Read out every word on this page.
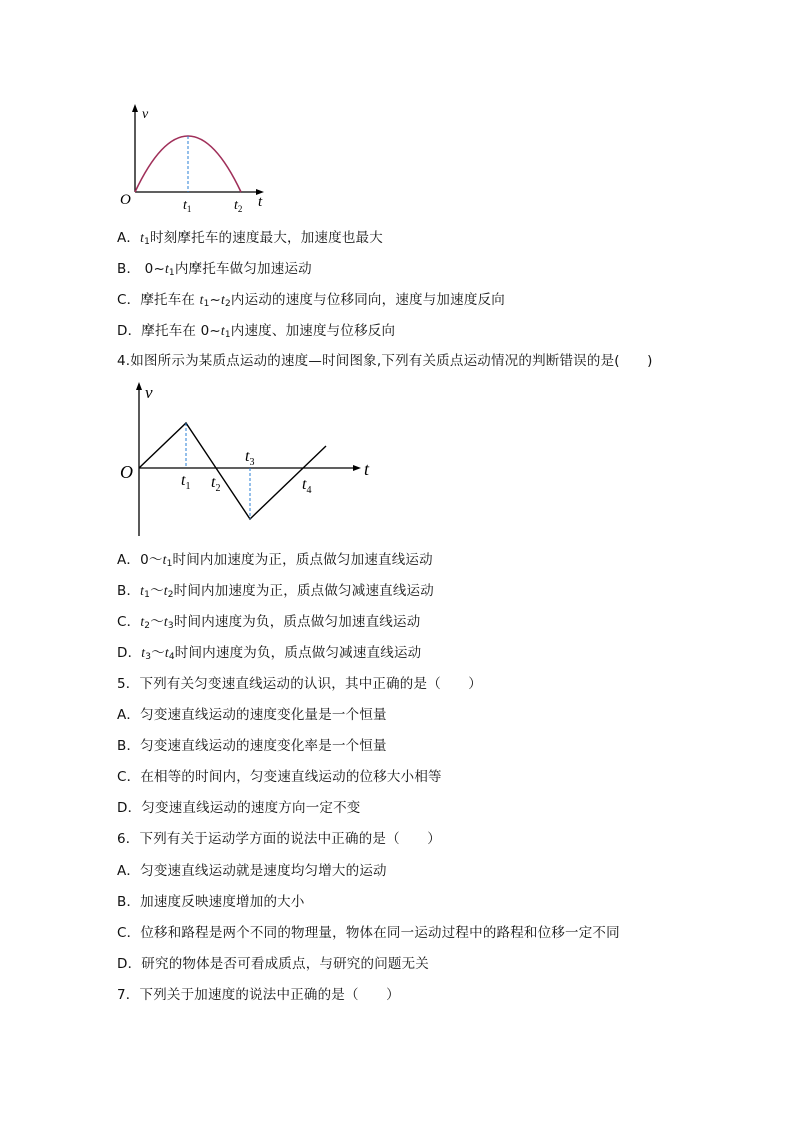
v
O	t
$t_1$	$t_2$
A．$t_1$时刻摩托车的速度最大，加速度也最大
B． $0\sim t_1$内摩托车做匀加速运动
C．摩托车在 $t_1\sim t_2$内运动的速度与位移同向，速度与加速度反向
D．摩托车在 $0\sim t_1$内速度、加速度与位移反向
4.如图所示为某质点运动的速度—时间图象,下列有关质点运动情况的判断错误的是(　　)
v
O	t
$t_1$ $t_2$
$t_3$
$t_4$
A．$0\sim t_1$时间内加速度为正，质点做匀加速直线运动
B．$t_1\sim t_2$时间内加速度为正，质点做匀减速直线运动
C．$t_2\sim t_3$时间内速度为负，质点做匀加速直线运动
D．$t_3\sim t_4$时间内速度为负，质点做匀减速直线运动
5．下列有关匀变速直线运动的认识，其中正确的是（　　）
A．匀变速直线运动的速度变化量是一个恒量
B．匀变速直线运动的速度变化率是一个恒量
C．在相等的时间内，匀变速直线运动的位移大小相等
D．匀变速直线运动的速度方向一定不变
6．下列有关于运动学方面的说法中正确的是（　　）
A．匀变速直线运动就是速度均匀增大的运动
B．加速度反映速度增加的大小
C．位移和路程是两个不同的物理量，物体在同一运动过程中的路程和位移一定不同
D．研究的物体是否可看成质点，与研究的问题无关
7．下列关于加速度的说法中正确的是（　　）
